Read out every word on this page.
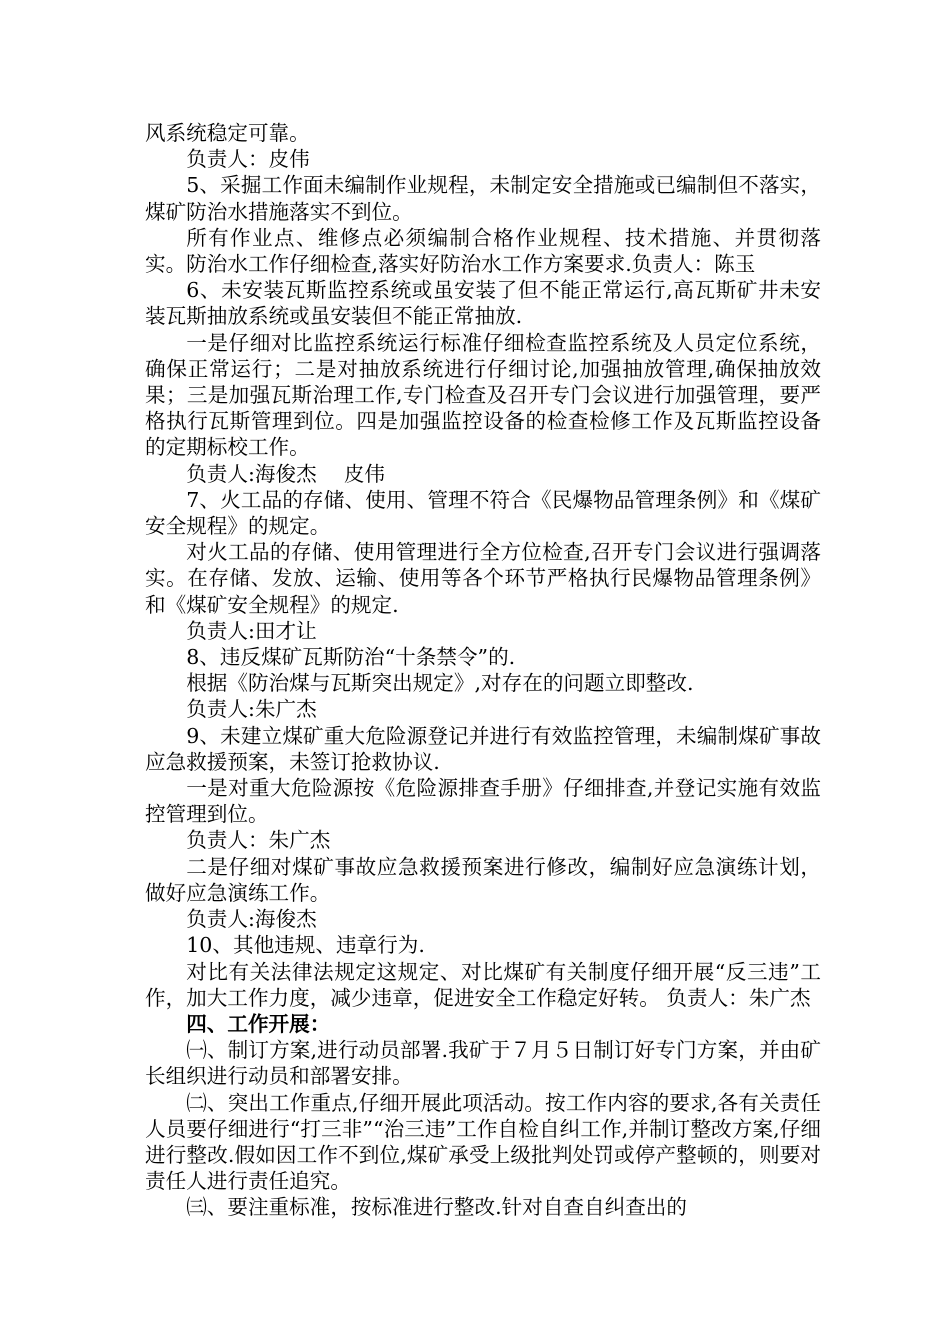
风系统稳定可靠。

负责人：皮伟

5、采掘工作面未编制作业规程，未制定安全措施或已编制但不落实，煤矿防治水措施落实不到位。

所有作业点、维修点必须编制合格作业规程、技术措施、并贯彻落实。防治水工作仔细检查,落实好防治水工作方案要求.负责人：陈玉

6、未安装瓦斯监控系统或虽安装了但不能正常运行,高瓦斯矿井未安装瓦斯抽放系统或虽安装但不能正常抽放.

一是仔细对比监控系统运行标准仔细检查监控系统及人员定位系统，确保正常运行；二是对抽放系统进行仔细讨论,加强抽放管理,确保抽放效果；三是加强瓦斯治理工作,专门检查及召开专门会议进行加强管理，要严格执行瓦斯管理到位。四是加强监控设备的检查检修工作及瓦斯监控设备的定期标校工作。

负责人:海俊杰　 皮伟

7、火工品的存储、使用、管理不符合《民爆物品管理条例》和《煤矿安全规程》的规定。

对火工品的存储、使用管理进行全方位检查,召开专门会议进行强调落实。在存储、发放、运输、使用等各个环节严格执行民爆物品管理条例》和《煤矿安全规程》的规定.

负责人:田才让

8、违反煤矿瓦斯防治“十条禁令”的.

根据《防治煤与瓦斯突出规定》,对存在的问题立即整改.

负责人:朱广杰

9、未建立煤矿重大危险源登记并进行有效监控管理，未编制煤矿事故应急救援预案，未签订抢救协议.

一是对重大危险源按《危险源排查手册》仔细排查,并登记实施有效监控管理到位。

负责人：朱广杰

二是仔细对煤矿事故应急救援预案进行修改，编制好应急演练计划，做好应急演练工作。

负责人:海俊杰

10、其他违规、违章行为.

对比有关法律法规定这规定、对比煤矿有关制度仔细开展“反三违”工作，加大工作力度，减少违章，促进安全工作稳定好转。 负责人：朱广杰

四、工作开展：

㈠、制订方案,进行动员部署.我矿于７月５日制订好专门方案，并由矿长组织进行动员和部署安排。

㈡、突出工作重点,仔细开展此项活动。按工作内容的要求,各有关责任人员要仔细进行“打三非”“治三违”工作自检自纠工作,并制订整改方案,仔细进行整改.假如因工作不到位,煤矿承受上级批判处罚或停产整顿的，则要对责任人进行责任追究。

㈢、要注重标准，按标准进行整改.针对自查自纠查出的
